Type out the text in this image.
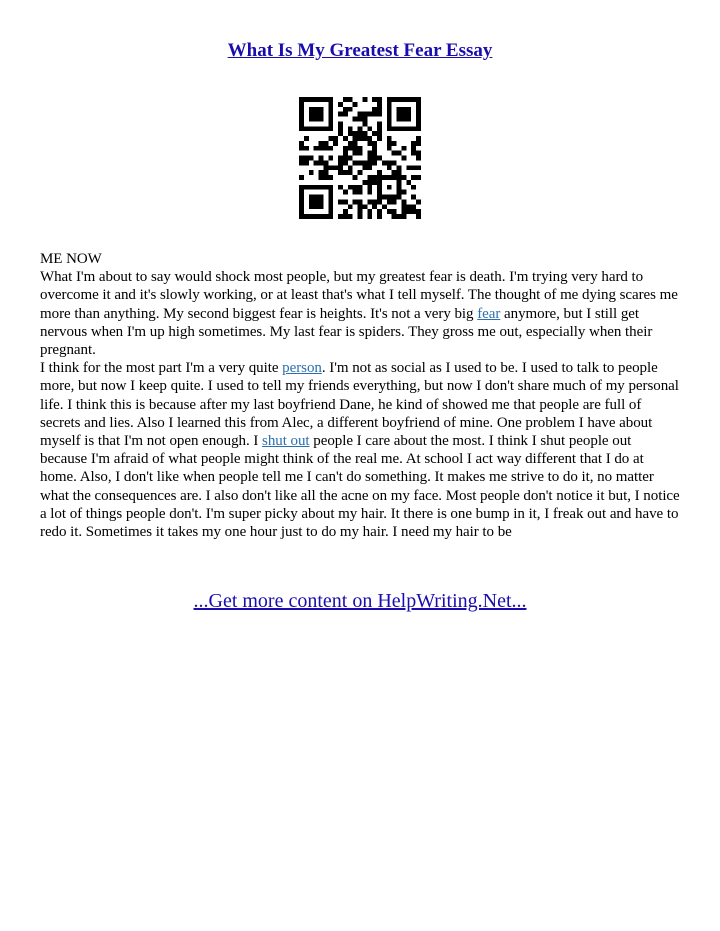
What Is My Greatest Fear Essay

ME NOW

What I'm about to say would shock most people, but my greatest fear is death. I'm trying very hard to overcome it and it's slowly working, or at least that's what I tell myself. The thought of me dying scares me more than anything. My second biggest fear is heights. It's not a very big fear anymore, but I still get nervous when I'm up high sometimes. My last fear is spiders. They gross me out, especially when their pregnant.

I think for the most part I'm a very quite person. I'm not as social as I used to be. I used to talk to people more, but now I keep quite. I used to tell my friends everything, but now I don't share much of my personal life. I think this is because after my last boyfriend Dane, he kind of showed me that people are full of secrets and lies. Also I learned this from Alec, a different boyfriend of mine. One problem I have about myself is that I'm not open enough. I shut out people I care about the most. I think I shut people out because I'm afraid of what people might think of the real me. At school I act way different that I do at home. Also, I don't like when people tell me I can't do something. It makes me strive to do it, no matter what the consequences are. I also don't like all the acne on my face. Most people don't notice it but, I notice a lot of things people don't. I'm super picky about my hair. It there is one bump in it, I freak out and have to redo it. Sometimes it takes my one hour just to do my hair. I need my hair to be

...Get more content on HelpWriting.Net...
